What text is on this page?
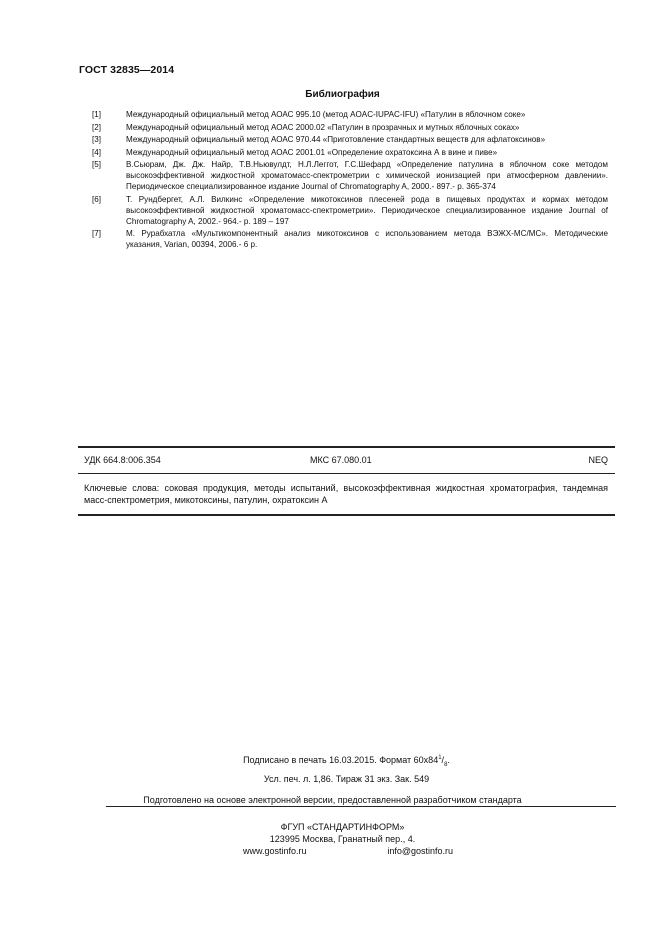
ГОСТ 32835—2014
Библиография
[1]	Международный официальный метод АОАС 995.10 (метод AOAC-IUPAC-IFU) «Патулин в яблочном соке»
[2]	Международный официальный метод АОАС 2000.02 «Патулин в прозрачных и мутных яблочных соках»
[3]	Международный официальный метод АОАС 970.44 «Приготовление стандартных веществ для афлатоксинов»
[4]	Международный официальный метод АОАС 2001.01 «Определение охратоксина А в вине и пиве»
[5]	В.Сьюрам, Дж. Дж. Найр, Т.В.Ньювулдт, Н.Л.Леггот, Г.С.Шефард «Определение патулина в яблочном соке методом высокоэффективной жидкостной хроматомасс-спектрометрии с химической ионизацией при атмосферном давлении». Периодическое специализированное издание Journal of Chromatography A, 2000.- 897.- p. 365-374
[6]	Т. Рундбергет, А.Л. Вилкинс «Определение микотоксинов плесеней рода в пищевых продуктах и кормах методом высокоэффективной жидкостной хроматомасс-спектрометрии». Периодическое специализированное издание Journal of Chromatography A, 2002.- 964.- p. 189 – 197
[7]	М. Рурабхатла «Мультикомпонентный анализ микотоксинов с использованием метода ВЭЖХ-МС/МС». Методические указания, Varian, 00394, 2006.- 6 p.
УДК 664.8:006.354	МКС 67.080.01	NEQ
Ключевые слова: соковая продукция, методы испытаний, высокоэффективная жидкостная хроматография, тандемная масс-спектрометрия, микотоксины, патулин, охратоксин А
Подписано в печать 16.03.2015. Формат $60х84^1/_8$.
Усл. печ. л. 1,86. Тираж 31 экз. Зак. 549
Подготовлено на основе электронной версии, предоставленной разработчиком стандарта
ФГУП «СТАНДАРТИНФОРМ»
123995 Москва, Гранатный пер., 4.
www.gostinfo.ru	info@gostinfo.ru
